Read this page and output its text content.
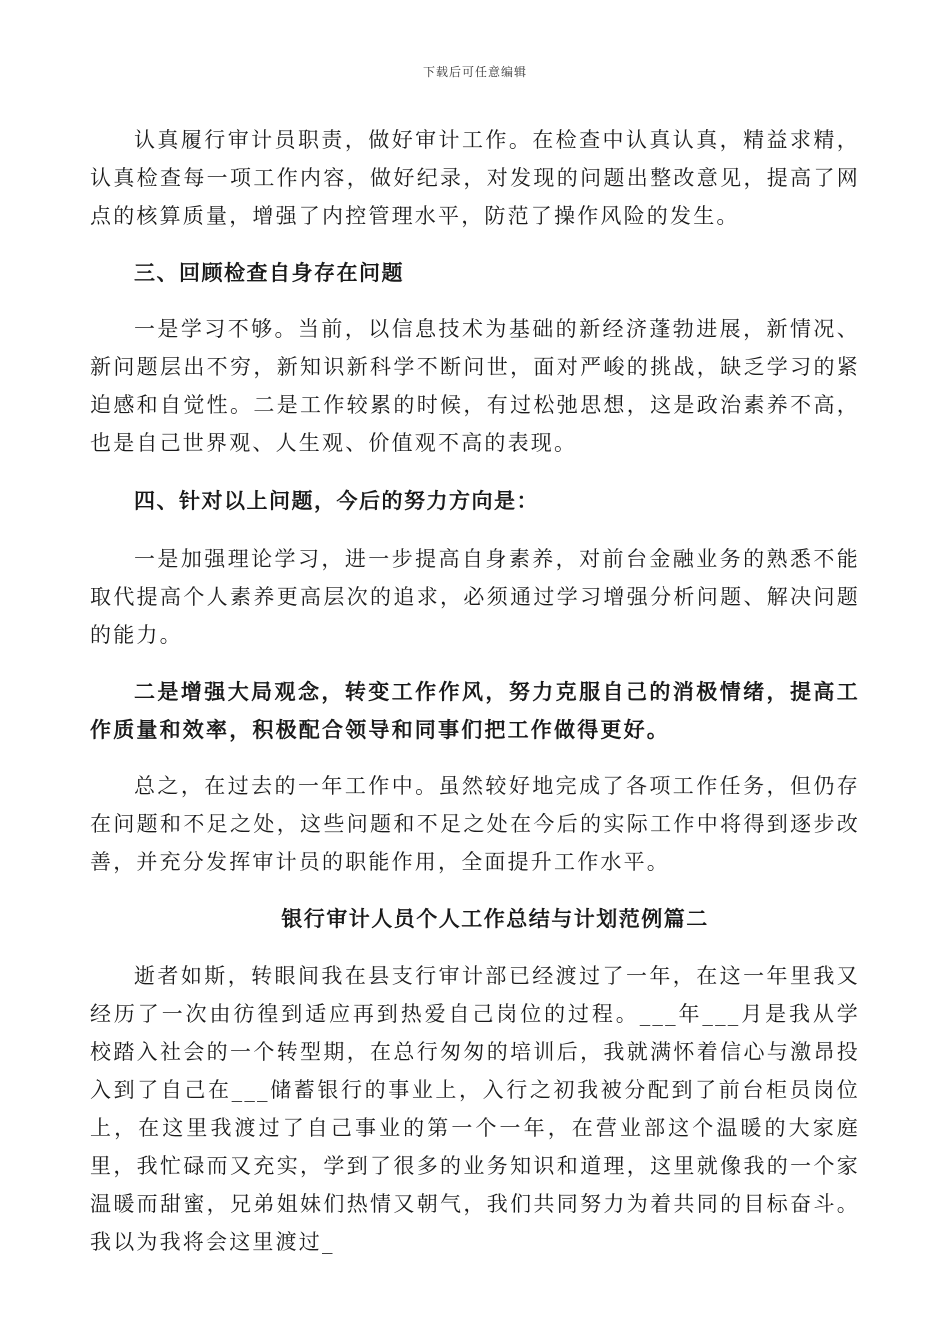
下载后可任意编辑

认真履行审计员职责，做好审计工作。在检查中认真认真，精益求精，认真检查每一项工作内容，做好纪录，对发现的问题出整改意见，提高了网点的核算质量，增强了内控管理水平，防范了操作风险的发生。

三、回顾检查自身存在问题

一是学习不够。当前，以信息技术为基础的新经济蓬勃进展，新情况、新问题层出不穷，新知识新科学不断问世，面对严峻的挑战，缺乏学习的紧迫感和自觉性。二是工作较累的时候，有过松弛思想，这是政治素养不高，也是自己世界观、人生观、价值观不高的表现。

四、针对以上问题，今后的努力方向是：

一是加强理论学习，进一步提高自身素养，对前台金融业务的熟悉不能取代提高个人素养更高层次的追求，必须通过学习增强分析问题、解决问题的能力。

二是增强大局观念，转变工作作风，努力克服自己的消极情绪，提高工作质量和效率，积极配合领导和同事们把工作做得更好。

总之，在过去的一年工作中。虽然较好地完成了各项工作任务，但仍存在问题和不足之处，这些问题和不足之处在今后的实际工作中将得到逐步改善，并充分发挥审计员的职能作用，全面提升工作水平。

银行审计人员个人工作总结与计划范例篇二

逝者如斯，转眼间我在县支行审计部已经渡过了一年，在这一年里我又经历了一次由彷徨到适应再到热爱自己岗位的过程。___年___月是我从学校踏入社会的一个转型期，在总行匆匆的培训后，我就满怀着信心与激昂投入到了自己在___储蓄银行的事业上，入行之初我被分配到了前台柜员岗位上，在这里我渡过了自己事业的第一个一年，在营业部这个温暖的大家庭里，我忙碌而又充实，学到了很多的业务知识和道理，这里就像我的一个家温暖而甜蜜，兄弟姐妹们热情又朝气，我们共同努力为着共同的目标奋斗。我以为我将会这里渡过_
